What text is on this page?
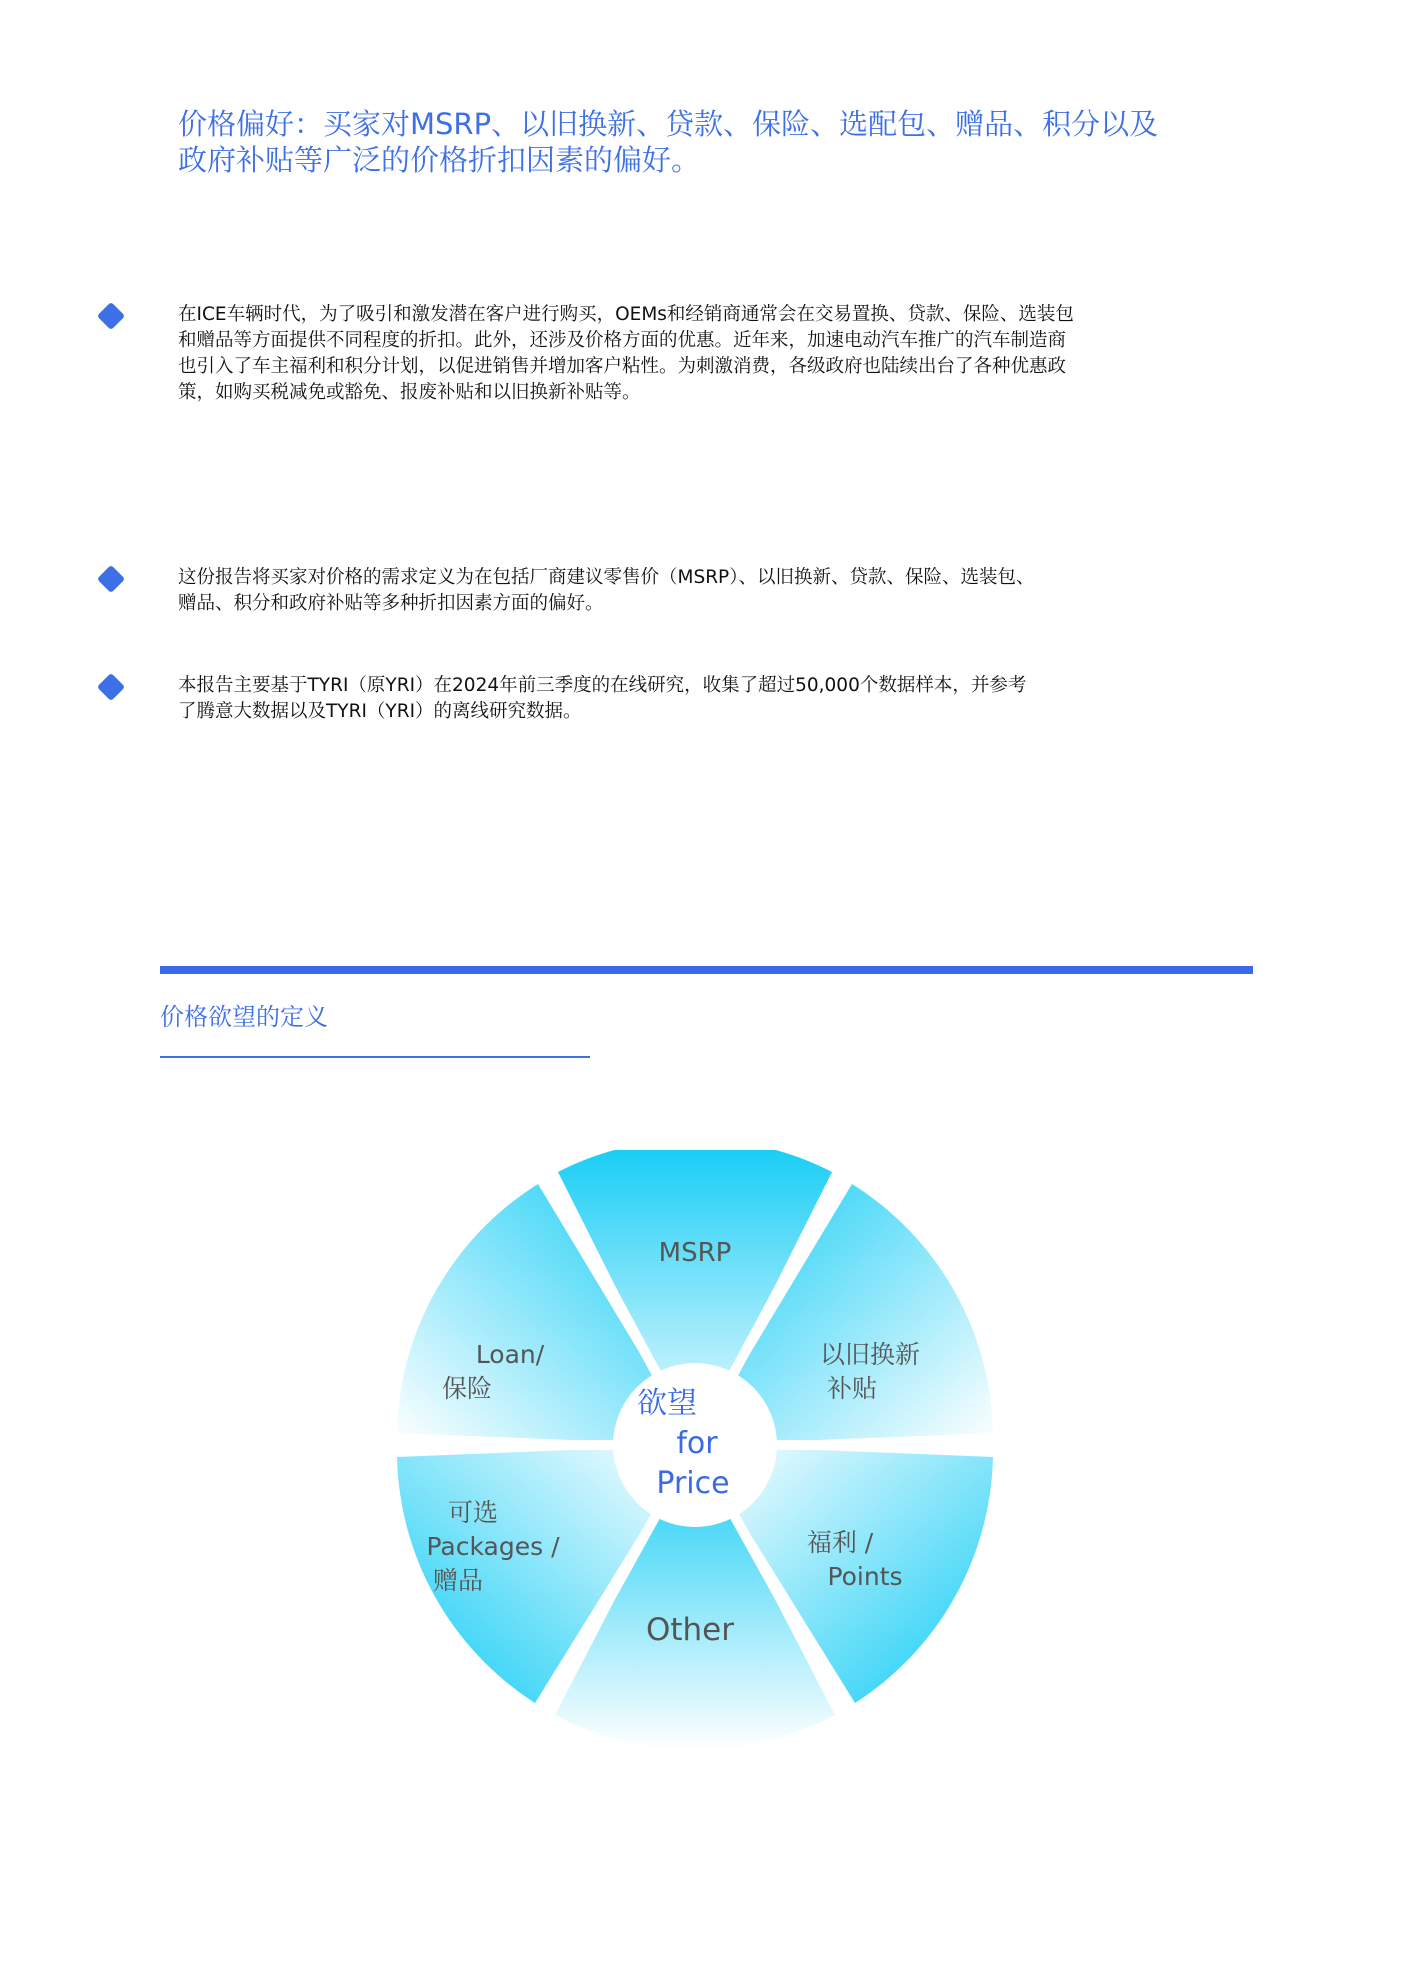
价格偏好：买家对MSRP、以旧换新、贷款、保险、选配包、赠品、积分以及
政府补贴等广泛的价格折扣因素的偏好。

在ICE车辆时代，为了吸引和激发潜在客户进行购买，OEMs和经销商通常会在交易置换、贷款、保险、选装包
和赠品等方面提供不同程度的折扣。此外，还涉及价格方面的优惠。近年来，加速电动汽车推广的汽车制造商
也引入了车主福利和积分计划，以促进销售并增加客户粘性。为刺激消费，各级政府也陆续出台了各种优惠政
策，如购买税减免或豁免、报废补贴和以旧换新补贴等。

这份报告将买家对价格的需求定义为在包括厂商建议零售价（MSRP）、以旧换新、贷款、保险、选装包、
赠品、积分和政府补贴等多种折扣因素方面的偏好。

本报告主要基于TYRI（原YRI）在2024年前三季度的在线研究，收集了超过50,000个数据样本，并参考
了腾意大数据以及TYRI（YRI）的离线研究数据。

价格欲望的定义
欲望
for
Price
MSRP
以旧换新
补贴
福利 /
Points
Other
可选
Packages /
赠品
Loan/
保险
